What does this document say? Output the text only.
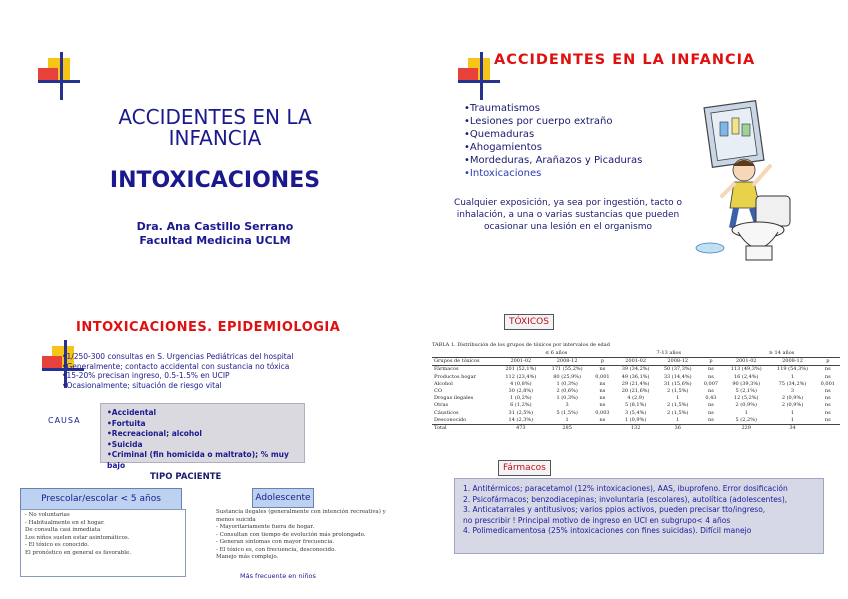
ACCIDENTES EN LA INFANCIA
INTOXICACIONES
Dra. Ana Castillo Serrano
Facultad Medicina UCLM
ACCIDENTES EN LA INFANCIA
• Traumatismos
• Lesiones por cuerpo extraño
• Quemaduras
• Ahogamientos
• Mordeduras, Arañazos y Picaduras
• Intoxicaciones
Cualquier exposición, ya sea por ingestión, tacto o inhalación, a una o varias sustancias que pueden ocasionar una lesión en el organismo
INTOXICACIONES. EPIDEMIOLOGIA
• 1/250-300 consultas en S. Urgencias Pediátricas del hospital
• Generalmente; contacto accidental con sustancia no tóxica
• 15-20% precisan ingreso, 0.5-1.5% en UCIP
• Ocasionalmente; situación de riesgo vital
CAUSA
• Accidental
• Fortuita
• Recreacional; alcohol
• Suicida
• Criminal (fin homicida o maltrato); % muy bajo
TIPO PACIENTE
Prescolar/escolar < 5 años
- No voluntarias
- Habitualmente en el hogar.
De consulta casi inmediata
Los niños suelen estar asintomáticos.
- El tóxico es conocido.
El pronóstico en general es favorable.
Adolescente
Sustancia ilegales (generalmente con intención recreativa) y menos suicida
- Mayoritariamente fuera de hogar.
- Consultan con tiempo de evolución más prolongado.
- Generan síntomas con mayor frecuencia.
- El tóxico es, con frecuencia, desconocido.
Manejo más complejo.
Más frecuente en niños
TÓXICOS
TABLA 1. Distribución de los grupos de tóxicos por intervalos de edad
	≤ 6 años			7-13 años			≥ 14 años		
Grupos de tóxicos	2001-02	2008-12	p	2001-02	2008-12	p	2001-02	2008-12	p
Fármacos	201 (52,1%)	171 (55,2%)	ns	39 (34,2%)	50 (37,3%)	ns	113 (49,3%)	119 (54,3%)	ns
Productos hogar	112 (23,4%)	80 (25,9%)	0,001	49 (36,1%)	33 (14,4%)	ns	16 (2,4%)	1	ns
Alcohol	4 (0,8%)	1 (0,3%)	ns	29 (21,4%)	31 (15,6%)	0,007	90 (39,3%)	75 (34,2%)	0,001
CO	30 (2,8%)	2 (0,6%)	ns	20 (21,6%)	2 (1,5%)	ns	5 (2,1%)	3	ns
Drogas ilegales	1 (0,2%)	1 (0,3%)	ns	4 (2,9)	1	0,43	12 (5,2%)	2 (0,9%)	ns
Otras	6 (1,2%)	3	ns	5 (8,1%)	2 (1,5%)	ns	2 (0,9%)	2 (0,9%)	ns
Cáusticos	31 (2,5%)	5 (1,5%)	0,003	3 (5,4%)	2 (1,5%)	ns	1	1	ns
Desconocido	14 (2,3%)	1	ns	1 (0,9%)	1	ns	5 (2,2%)	1	ns
Total	473	285		132	36		229	34	
Fármacos
1. Antitérmicos; paracetamol (12% intoxicaciones), AAS, ibuprofeno. Error dosificación
2. Psicofármacos; benzodiacepinas; involuntaria (escolares), autolítica (adolescentes),
3. Anticatarrales y antitusivos; varios ppios activos, pueden precisar tto/ingreso,
no prescribir ! Principal motivo de ingreso en UCI en subgrupo< 4 años
4. Polimedicamentosa (25% intoxicaciones con fines suicidas). Difícil manejo
